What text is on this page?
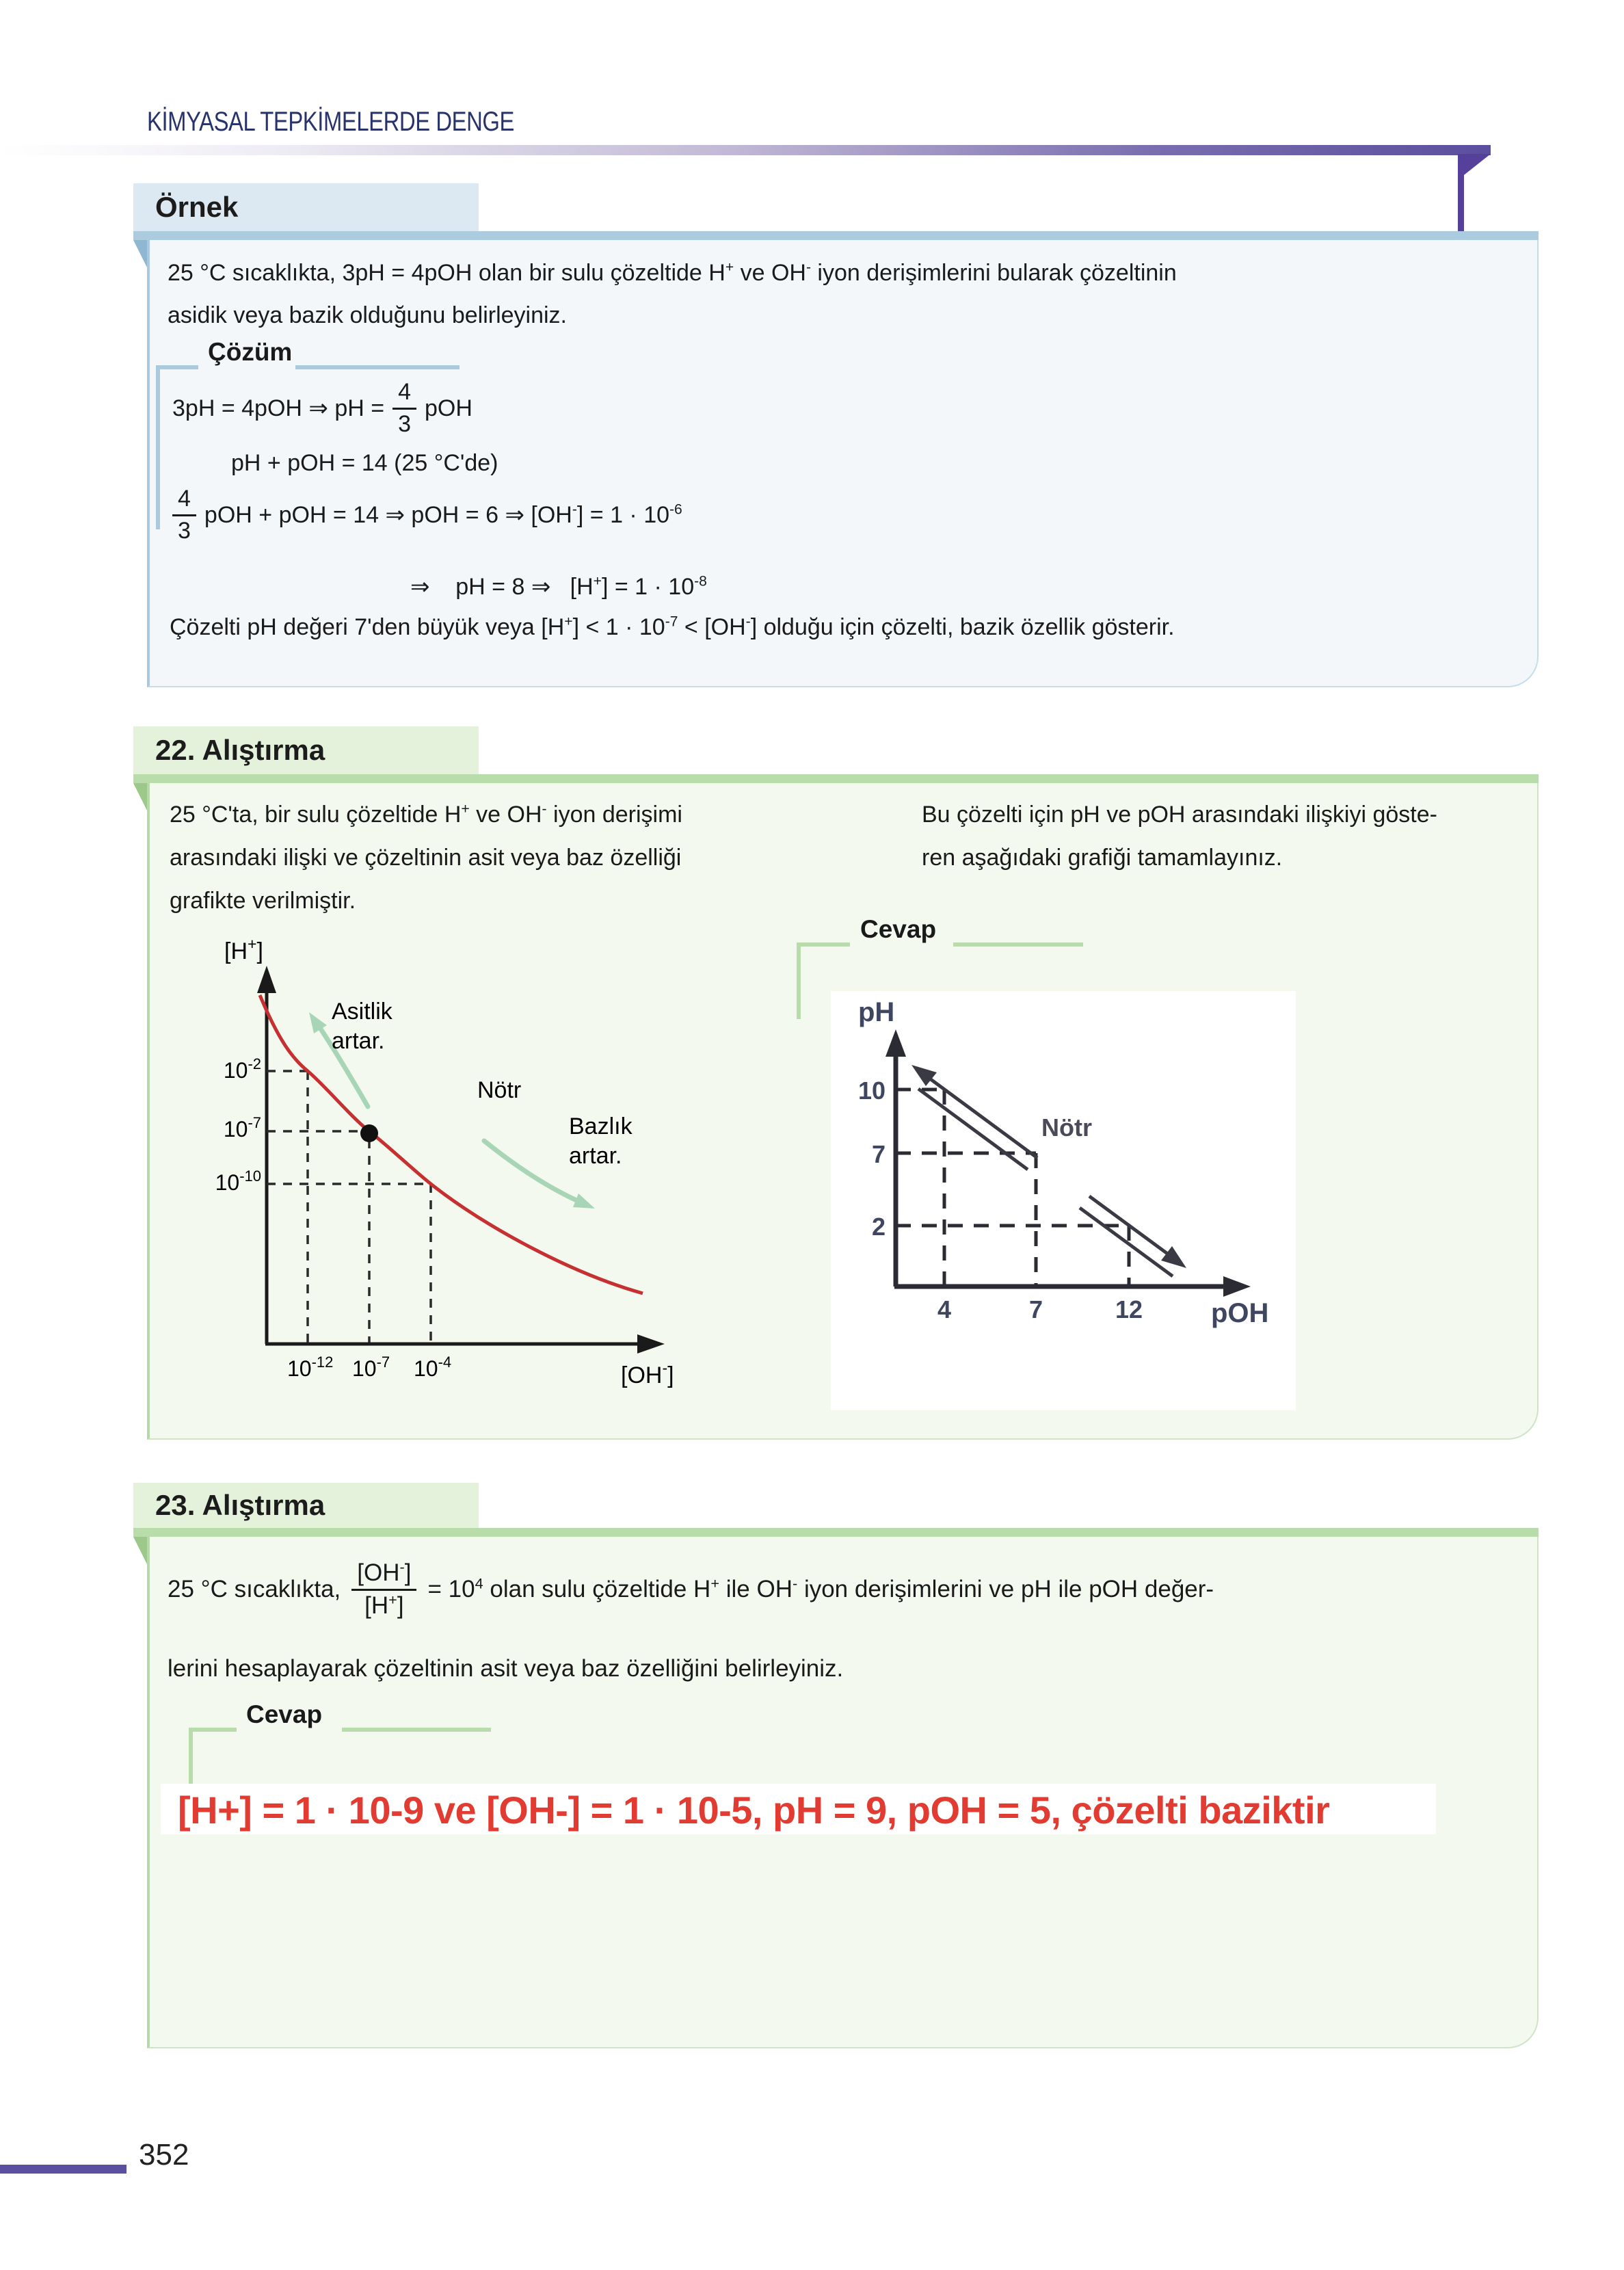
KİMYASAL TEPKİMELERDE DENGE
Örnek

25 °C sıcaklıkta, 3pH = 4pOH olan bir sulu çözeltide H+ ve OH- iyon derişimlerini bularak çözeltinin
asidik veya bazik olduğunu belirleyiniz.

Çözüm
3pH = 4pOH ⇒ pH = $\frac{4}{3}$ pOH

pH + pOH = 14 (25 °C'de)

$\frac{4}{3}$ pOH + pOH = 14 ⇒ pOH = 6 ⇒ $[OH^-] = 1 \cdot 10^{-6}$
⇒    pH = 8 ⇒   $[H^+] = 1 \cdot 10^{-8}$

Çözelti pH değeri 7'den büyük veya $[H^+] < 1 \cdot 10^{-7} < [OH^-]$ olduğu için çözelti, bazik özellik gösterir.

22. Alıştırma

25 °C'ta, bir sulu çözeltide H+ ve OH- iyon derişimi
arasındaki ilişki ve çözeltinin asit veya baz özelliği
grafikte verilmiştir.

Bu çözelti için pH ve pOH arasındaki ilişkiyi göste-
ren aşağıdaki grafiği tamamlayınız.

Cevap
[H+]
[OH-]
$10^{-2}$
$10^{-7}$
$10^{-10}$
$10^{-12}$ $10^{-7}$ $10^{-4}$
Asitlik
artar.
Nötr
Bazlık
artar.
pH
pOH
10
7
2
4	7	12
Nötr
23. Alıştırma
25 °C sıcaklıkta, $\frac{[OH^-]}{[H^+]} = 10^4$ olan sulu çözeltide H+ ile OH- iyon derişimlerini ve pH ile pOH değer-

lerini hesaplayarak çözeltinin asit veya baz özelliğini belirleyiniz.

Cevap
[H+] = 1 · 10-9 ve [OH-] = 1 · 10-5, pH = 9, pOH = 5, çözelti baziktir
352
